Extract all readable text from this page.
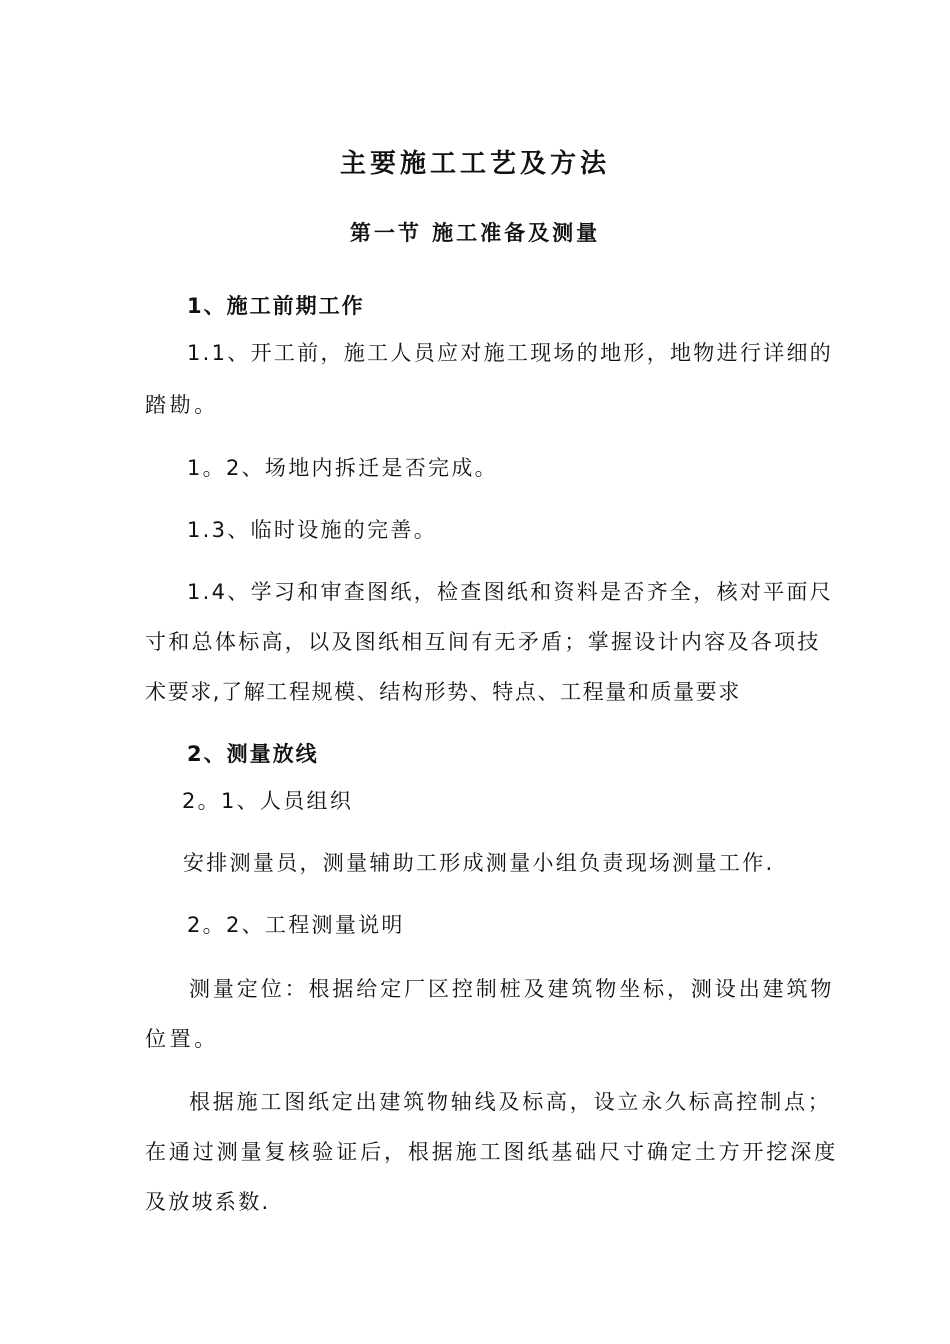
主要施工工艺及方法
第一节 施工准备及测量
1、施工前期工作
1.1、开工前，施工人员应对施工现场的地形，地物进行详细的
踏勘。
1。2、场地内拆迁是否完成。
1.3、临时设施的完善。
1.4、学习和审查图纸，检查图纸和资料是否齐全，核对平面尺
寸和总体标高，以及图纸相互间有无矛盾；掌握设计内容及各项技
术要求,了解工程规模、结构形势、特点、工程量和质量要求
2、测量放线
2。1、人员组织
安排测量员，测量辅助工形成测量小组负责现场测量工作.
2。2、工程测量说明
测量定位：根据给定厂区控制桩及建筑物坐标，测设出建筑物
位置。
根据施工图纸定出建筑物轴线及标高，设立永久标高控制点；
在通过测量复核验证后，根据施工图纸基础尺寸确定土方开挖深度
及放坡系数.
